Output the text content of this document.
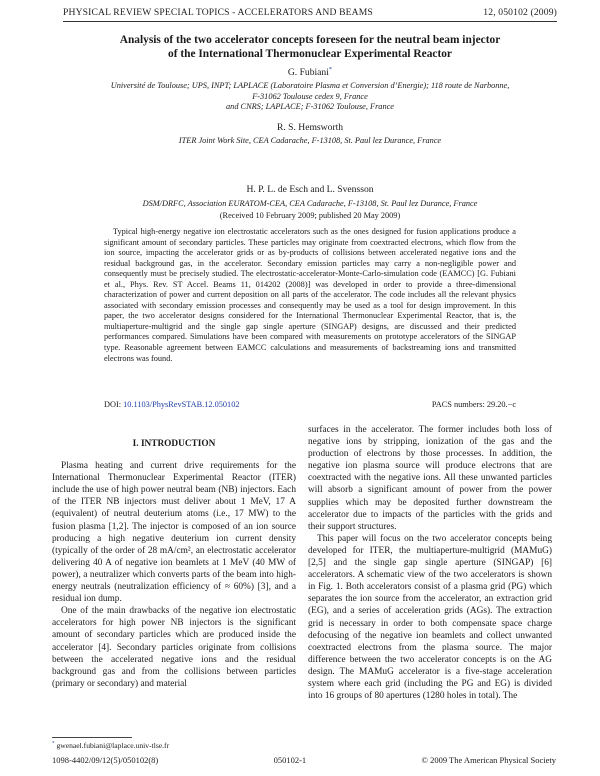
PHYSICAL REVIEW SPECIAL TOPICS - ACCELERATORS AND BEAMS	12, 050102 (2009)
Analysis of the two accelerator concepts foreseen for the neutral beam injector
of the International Thermonuclear Experimental Reactor
G. Fubiani*
Université de Toulouse; UPS, INPT; LAPLACE (Laboratoire Plasma et Conversion d’Energie); 118 route de Narbonne,
F-31062 Toulouse cedex 9, France
and CNRS; LAPLACE; F-31062 Toulouse, France
R. S. Hemsworth
ITER Joint Work Site, CEA Cadarache, F-13108, St. Paul lez Durance, France
H. P. L. de Esch and L. Svensson
DSM/DRFC, Association EURATOM-CEA, CEA Cadarache, F-13108, St. Paul lez Durance, France
(Received 10 February 2009; published 20 May 2009)

Typical high-energy negative ion electrostatic accelerators such as the ones designed for fusion applications produce a significant amount of secondary particles. These particles may originate from coextracted electrons, which flow from the ion source, impacting the accelerator grids or as by-products of collisions between accelerated negative ions and the residual background gas, in the accelerator. Secondary emission particles may carry a non-negligible power and consequently must be precisely studied. The electrostatic-accelerator-Monte-Carlo-simulation code (EAMCC) [G. Fubiani et al., Phys. Rev. ST Accel. Beams 11, 014202 (2008)] was developed in order to provide a three-dimensional characterization of power and current deposition on all parts of the accelerator. The code includes all the relevant physics associated with secondary emission processes and consequently may be used as a tool for design improvement. In this paper, the two accelerator designs considered for the International Thermonuclear Experimental Reactor, that is, the multiaperture-multigrid and the single gap single aperture (SINGAP) designs, are discussed and their predicted performances compared. Simulations have been compared with measurements on prototype accelerators of the SINGAP type. Reasonable agreement between EAMCC calculations and measurements of backstreaming ions and transmitted electrons was found.

DOI: 10.1103/PhysRevSTAB.12.050102	PACS numbers: 29.20.−c
I. INTRODUCTION

Plasma heating and current drive requirements for the International Thermonuclear Experimental Reactor (ITER) include the use of high power neutral beam (NB) injectors. Each of the ITER NB injectors must deliver about 1 MeV, 17 A (equivalent) of neutral deuterium atoms (i.e., 17 MW) to the fusion plasma [1,2]. The injector is composed of an ion source producing a high negative deuterium ion current density (typically of the order of 28 mA/cm², an electrostatic accelerator delivering 40 A of negative ion beamlets at 1 MeV (40 MW of power), a neutralizer which converts parts of the beam into high-energy neutrals (neutralization efficiency of ≈ 60%) [3], and a residual ion dump.

One of the main drawbacks of the negative ion electrostatic accelerators for high power NB injectors is the significant amount of secondary particles which are produced inside the accelerator [4]. Secondary particles originate from collisions between the accelerated negative ions and the residual background gas and from the collisions between particles (primary or secondary) and material

surfaces in the accelerator. The former includes both loss of negative ions by stripping, ionization of the gas and the production of electrons by those processes. In addition, the negative ion plasma source will produce electrons that are coextracted with the negative ions. All these unwanted particles will absorb a significant amount of power from the power supplies which may be deposited further downstream the accelerator due to impacts of the particles with the grids and their support structures.

This paper will focus on the two accelerator concepts being developed for ITER, the multiaperture-multigrid (MAMuG) [2,5] and the single gap single aperture (SINGAP) [6] accelerators. A schematic view of the two accelerators is shown in Fig. 1. Both accelerators consist of a plasma grid (PG) which separates the ion source from the accelerator, an extraction grid (EG), and a series of acceleration grids (AGs). The extraction grid is necessary in order to both compensate space charge defocusing of the negative ion beamlets and collect unwanted coextracted electrons from the plasma source. The major difference between the two accelerator concepts is on the AG design. The MAMuG accelerator is a five-stage acceleration system where each grid (including the PG and EG) is divided into 16 groups of 80 apertures (1280 holes in total). The

* gwenael.fubiani@laplace.univ-tlse.fr
1098-4402/09/12(5)/050102(8)	050102-1	© 2009 The American Physical Society
